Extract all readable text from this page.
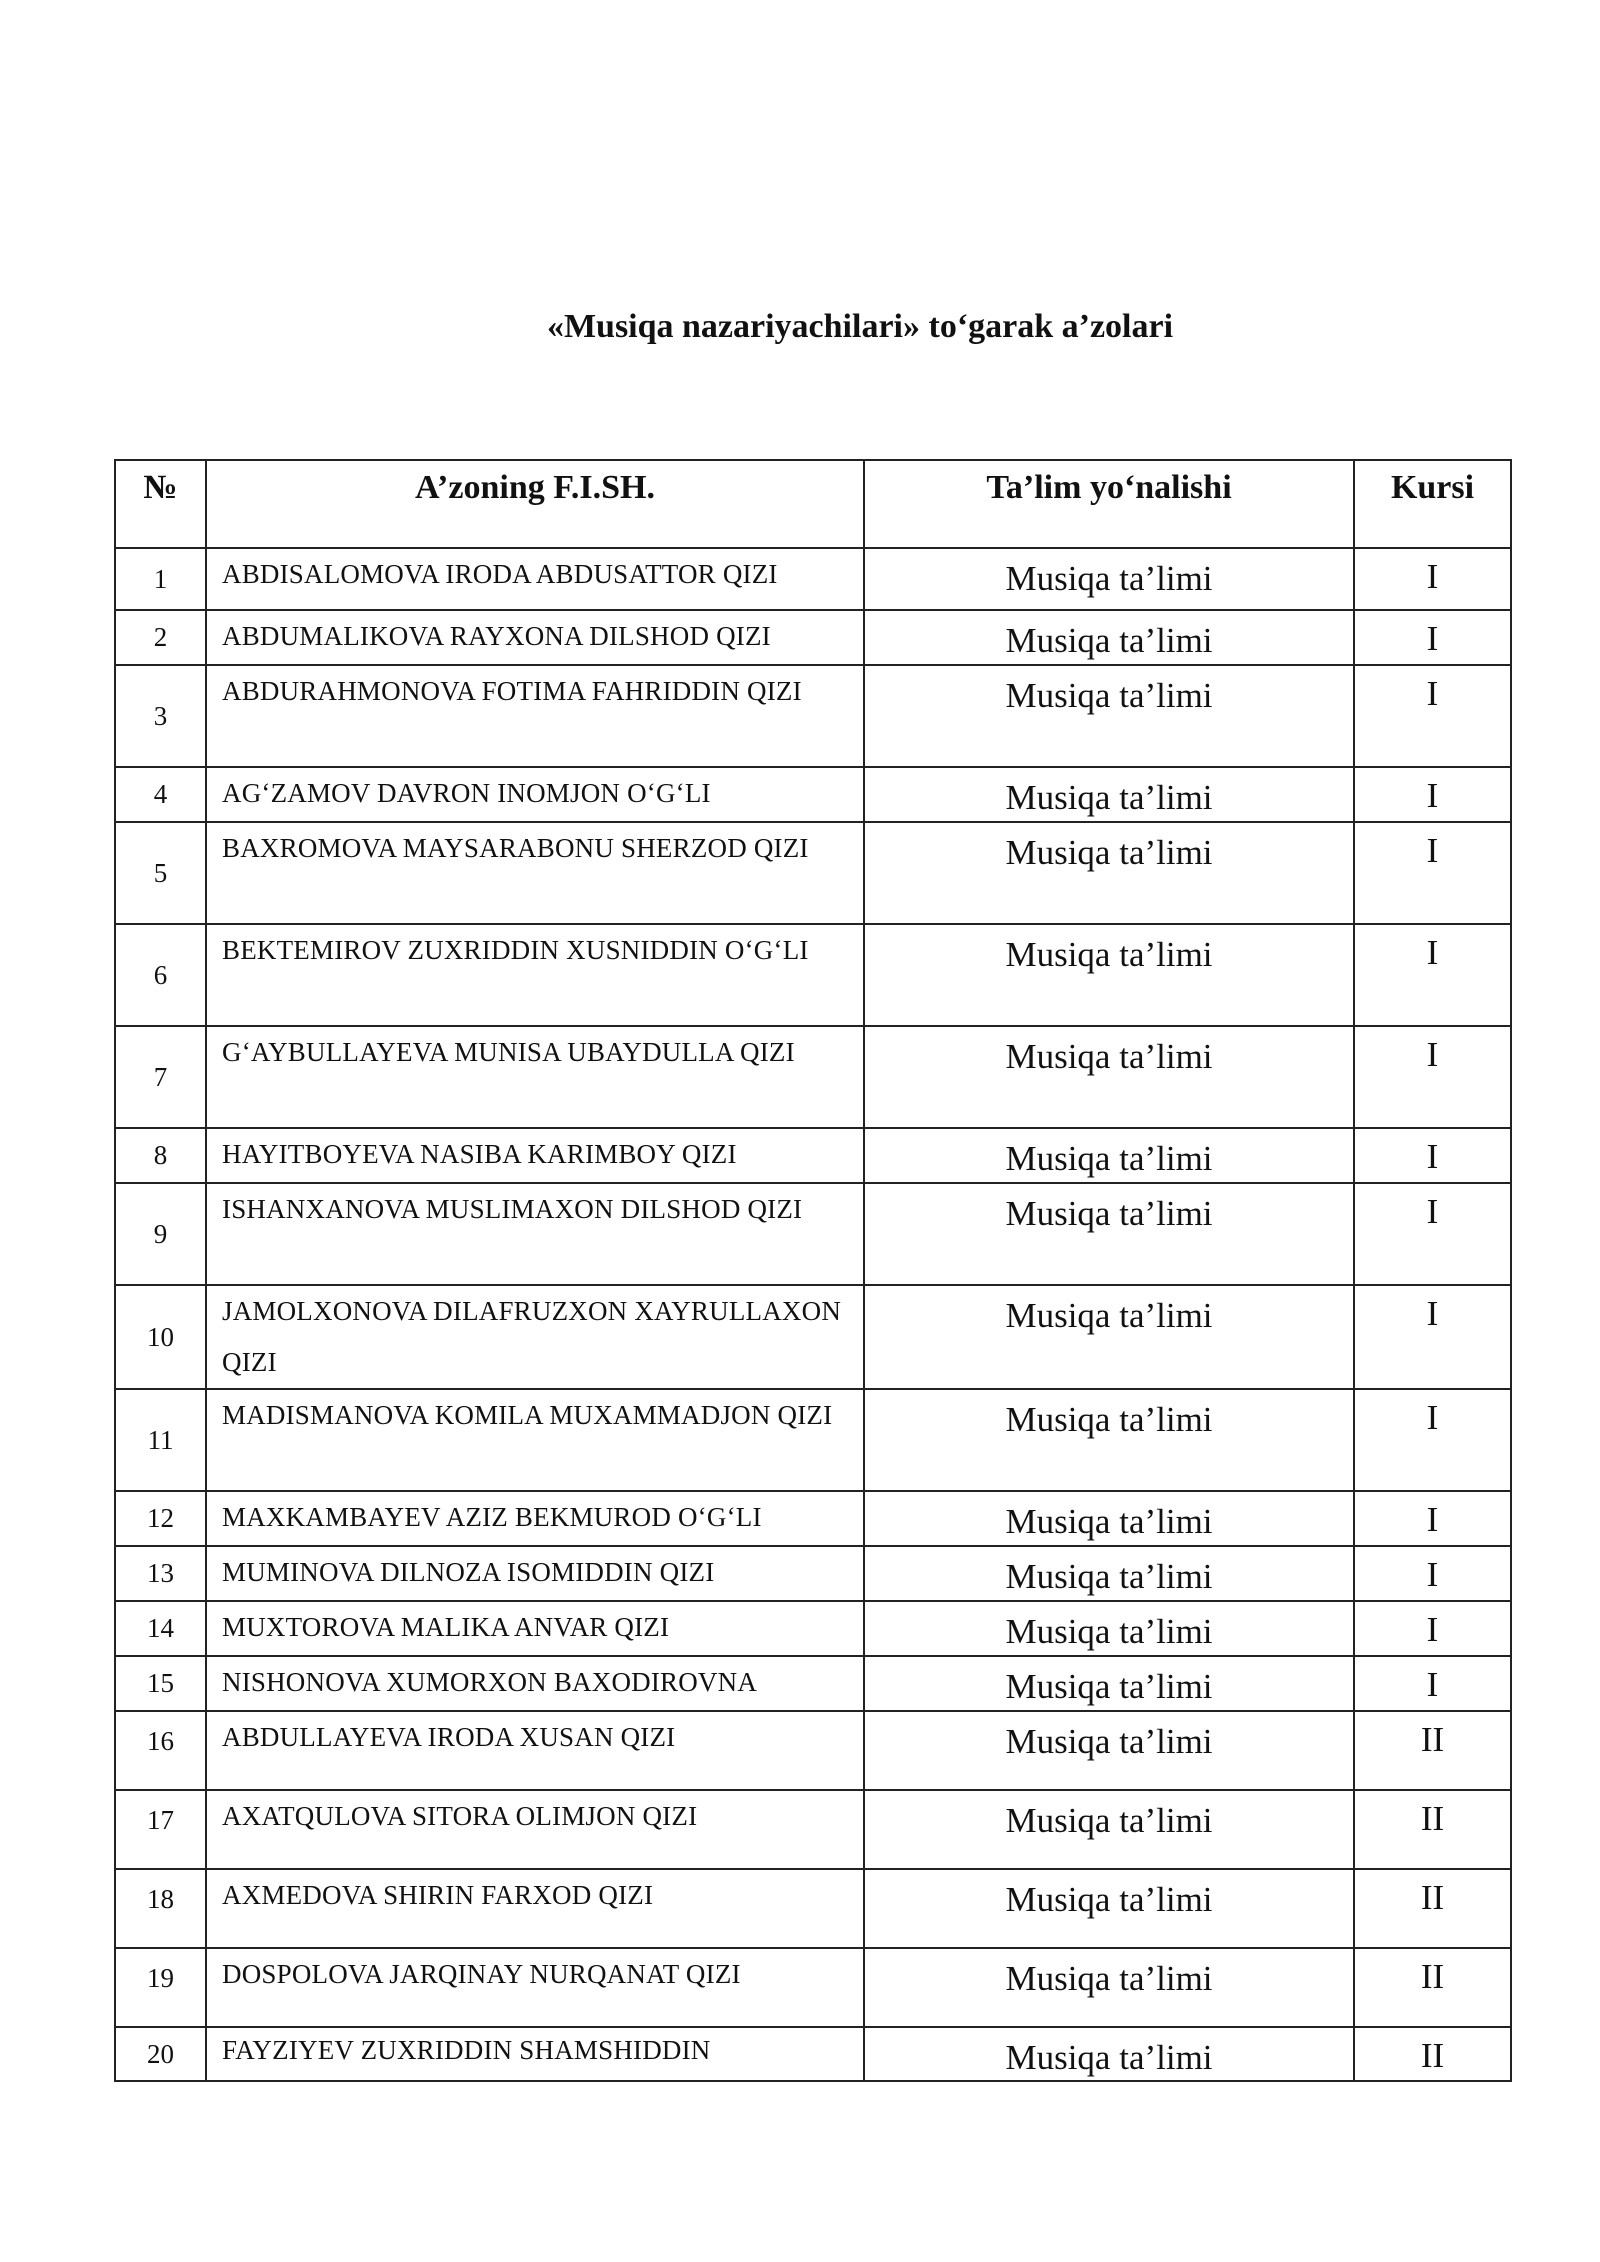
«Musiqa nazariyachilari» to‘garak a’zolari
№	A’zoning F.I.SH.	Ta’lim yo‘nalishi	Kursi
1	ABDISALOMOVA IRODA ABDUSATTOR QIZI	Musiqa ta’limi	I
2	ABDUMALIKOVA RAYXONA DILSHOD QIZI	Musiqa ta’limi	I
3	ABDURAHMONOVA FOTIMA FAHRIDDIN QIZI	Musiqa ta’limi	I
4	AG‘ZAMOV DAVRON INOMJON O‘G‘LI	Musiqa ta’limi	I
5	BAXROMOVA MAYSARABONU SHERZOD QIZI	Musiqa ta’limi	I
6	BEKTEMIROV ZUXRIDDIN XUSNIDDIN O‘G‘LI	Musiqa ta’limi	I
7	G‘AYBULLAYEVA MUNISA UBAYDULLA QIZI	Musiqa ta’limi	I
8	HAYITBOYEVA NASIBA KARIMBOY QIZI	Musiqa ta’limi	I
9	ISHANXANOVA MUSLIMAXON DILSHOD QIZI	Musiqa ta’limi	I
10	JAMOLXONOVA DILAFRUZXON XAYRULLAXON QIZI	Musiqa ta’limi	I
11	MADISMANOVA KOMILA MUXAMMADJON QIZI	Musiqa ta’limi	I
12	MAXKAMBAYEV AZIZ BEKMUROD O‘G‘LI	Musiqa ta’limi	I
13	MUMINOVA DILNOZA ISOMIDDIN QIZI	Musiqa ta’limi	I
14	MUXTOROVA MALIKA ANVAR QIZI	Musiqa ta’limi	I
15	NISHONOVA XUMORXON BAXODIROVNA	Musiqa ta’limi	I
16	ABDULLAYEVA IRODA XUSAN QIZI	Musiqa ta’limi	II
17	AXATQULOVA SITORA OLIMJON QIZI	Musiqa ta’limi	II
18	AXMEDOVA SHIRIN FARXOD QIZI	Musiqa ta’limi	II
19	DOSPOLOVA JARQINAY NURQANAT QIZI	Musiqa ta’limi	II
20	FAYZIYEV ZUXRIDDIN SHAMSHIDDIN	Musiqa ta’limi	II
